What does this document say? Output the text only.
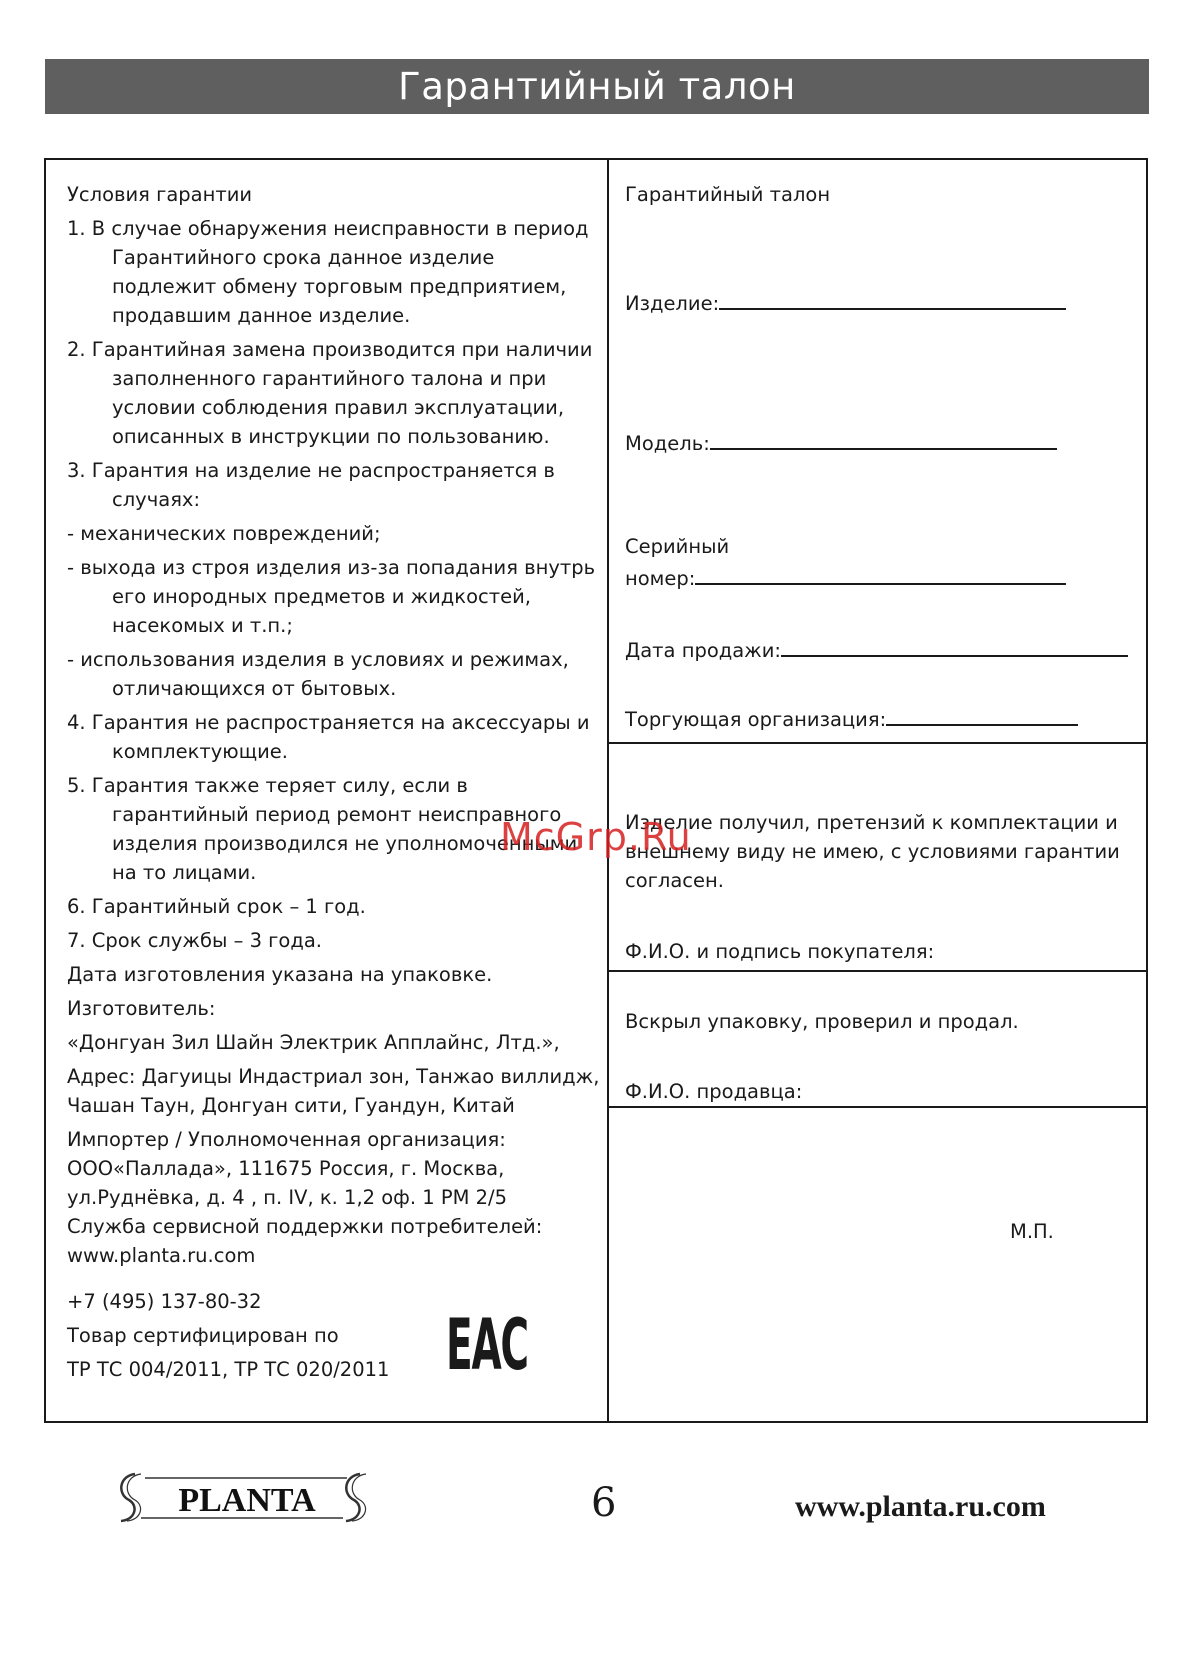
Гарантийный талон

Условия гарантии

1. В случае обнаружения неисправности в период Гарантийного срока данное изделие подлежит обмену торговым предприятием, продавшим данное изделие.

2. Гарантийная замена производится при наличии заполненного гарантийного талона и при условии соблюдения правил эксплуатации, описанных в инструкции по пользованию.

3. Гарантия на изделие не распространяется в случаях:

- механических повреждений;

- выхода из строя изделия из-за попадания внутрь его инородных предметов и жидкостей, насекомых и т.п.;

- использования изделия в условиях и режимах, отличающихся от бытовых.

4. Гарантия не распространяется на аксессуары и комплектующие.

5. Гарантия также теряет силу, если в гарантийный период ремонт неисправного изделия производился не уполномоченными на то лицами.

6. Гарантийный срок – 1 год.

7. Срок службы – 3 года.

Дата изготовления указана на упаковке.

Изготовитель:

«Донгуан Зил Шайн Электрик Апплайнс, Лтд.»,

Адрес: Дагуицы Индастриал зон, Танжао виллидж, Чашан Таун, Донгуан сити, Гуандун, Китай

Импортер / Уполномоченная организация:

ООО«Паллада», 111675 Россия, г. Москва,

ул.Руднёвка, д. 4 , п. IV, к. 1,2 оф. 1 РМ 2/5

Служба сервисной поддержки потребителей:

www.planta.ru.com

+7 (495) 137-80-32

Товар сертифицирован по

ТР ТС 004/2011, ТР ТС 020/2011 EAC
Гарантийный талон
Изделие:
Модель:
Серийный
номер:
Дата продажи:
Торгующая организация:
Изделие получил, претензий к комплектации и внешнему виду не имею, с условиями гарантии согласен.
Ф.И.О. и подпись покупателя:
Вскрыл упаковку, проверил и продал.
Ф.И.О. продавца:
М.П.
McGrp.Ru
PLANTA	6	www.planta.ru.com
